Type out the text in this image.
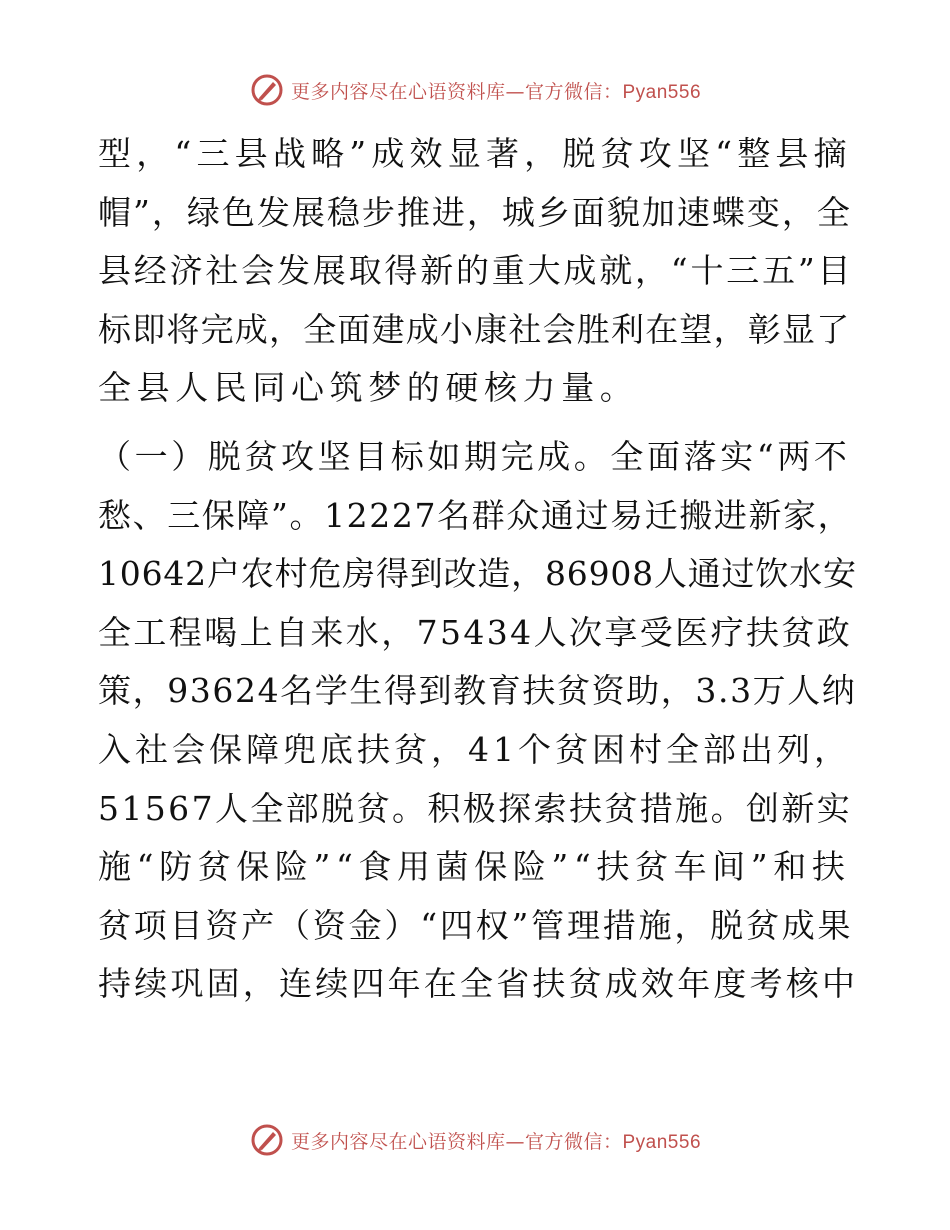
更多内容尽在心语资料库—官方微信：Pyan556
型，“三县战略”成效显著，脱贫攻坚“整县摘
帽”，绿色发展稳步推进，城乡面貌加速蝶变，全
县经济社会发展取得新的重大成就，“十三五”目
标即将完成，全面建成小康社会胜利在望，彰显了
全县人民同心筑梦的硬核力量。
（一）脱贫攻坚目标如期完成。全面落实“两不
愁、三保障”。12227名群众通过易迁搬进新家，
10642户农村危房得到改造，86908人通过饮水安
全工程喝上自来水，75434人次享受医疗扶贫政
策，93624名学生得到教育扶贫资助，3.3万人纳
入社会保障兜底扶贫，41个贫困村全部出列，
51567人全部脱贫。积极探索扶贫措施。创新实
施“防贫保险”“食用菌保险”“扶贫车间”和扶
贫项目资产（资金）“四权”管理措施，脱贫成果
持续巩固，连续四年在全省扶贫成效年度考核中
更多内容尽在心语资料库—官方微信：Pyan556
